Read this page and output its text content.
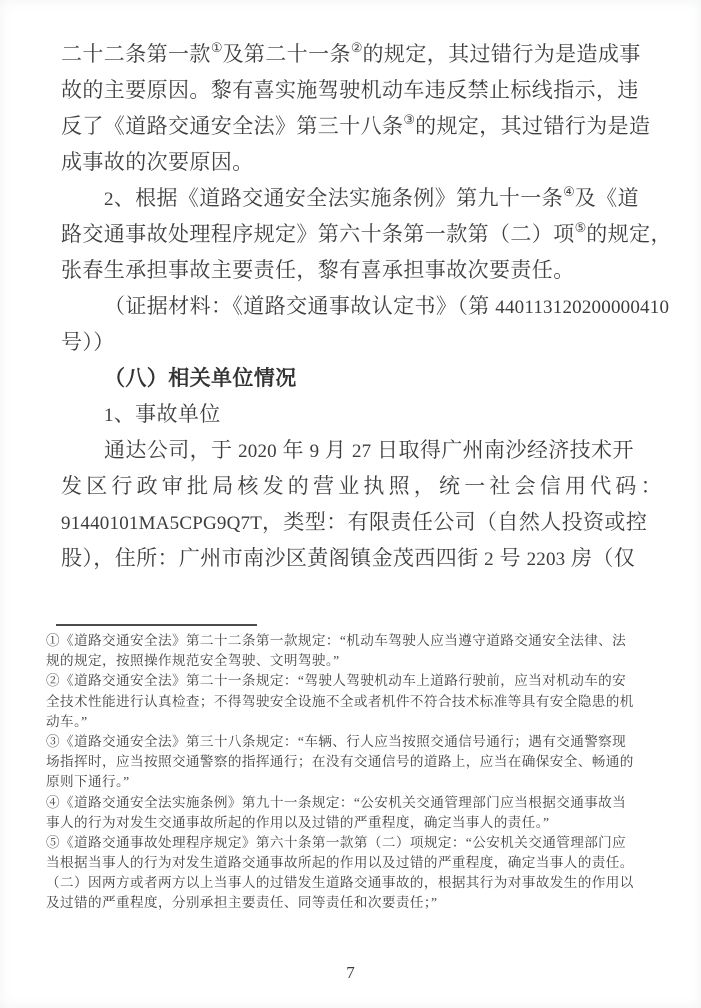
二十二条第一款①及第二十一条②的规定，其过错行为是造成事
故的主要原因。黎有喜实施驾驶机动车违反禁止标线指示，违
反了《道路交通安全法》第三十八条③的规定，其过错行为是造
成事故的次要原因。
2、根据《道路交通安全法实施条例》第九十一条④及《道
路交通事故处理程序规定》第六十条第一款第（二）项⑤的规定，
张春生承担事故主要责任，黎有喜承担事故次要责任。
（证据材料：《道路交通事故认定书》（第 440113120200000410
号））
（八）相关单位情况
1、事故单位
通达公司，于 2020 年 9 月 27 日取得广州南沙经济技术开
发区行政审批局核发的营业执照，统一社会信用代码：
91440101MA5CPG9Q7T，类型：有限责任公司（自然人投资或控
股），住所：广州市南沙区黄阁镇金茂西四街 2 号 2203 房（仅
①《道路交通安全法》第二十二条第一款规定：“机动车驾驶人应当遵守道路交通安全法律、法
规的规定，按照操作规范安全驾驶、文明驾驶。”
②《道路交通安全法》第二十一条规定：“驾驶人驾驶机动车上道路行驶前，应当对机动车的安
全技术性能进行认真检查；不得驾驶安全设施不全或者机件不符合技术标准等具有安全隐患的机
动车。”
③《道路交通安全法》第三十八条规定：“车辆、行人应当按照交通信号通行；遇有交通警察现
场指挥时，应当按照交通警察的指挥通行；在没有交通信号的道路上，应当在确保安全、畅通的
原则下通行。”
④《道路交通安全法实施条例》第九十一条规定：“公安机关交通管理部门应当根据交通事故当
事人的行为对发生交通事故所起的作用以及过错的严重程度，确定当事人的责任。”
⑤《道路交通事故处理程序规定》第六十条第一款第（二）项规定：“公安机关交通管理部门应
当根据当事人的行为对发生道路交通事故所起的作用以及过错的严重程度，确定当事人的责任。
（二）因两方或者两方以上当事人的过错发生道路交通事故的，根据其行为对事故发生的作用以
及过错的严重程度，分别承担主要责任、同等责任和次要责任；”
7
